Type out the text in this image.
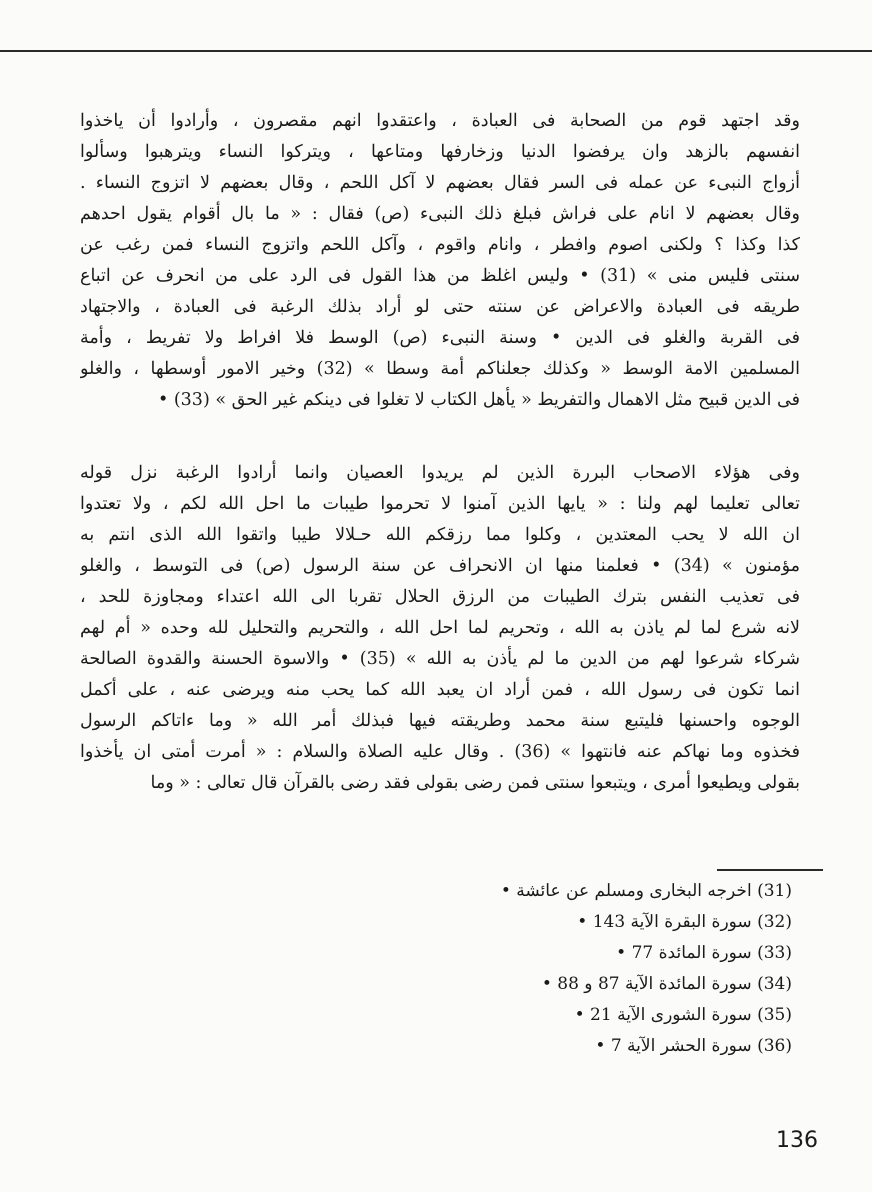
وقد اجتهد قوم من الصحابة فى العبادة ، واعتقدوا انهم مقصرون ، وأرادوا أن ياخذوا
انفسهم بالزهد وان يرفضوا الدنيا وزخارفها ومتاعها ، ويتركوا النساء ويترهبوا وسألوا
أزواج النبىء عن عمله فى السر فقال بعضهم لا آكل اللحم ، وقال بعضهم لا اتزوج النساء .
وقال بعضهم لا انام على فراش فبلغ ذلك النبىء (ص) فقال : « ما بال أقوام يقول احدهم
كذا وكذا ؟ ولكنى اصوم وافطر ، وانام واقوم ، وآكل اللحم واتزوج النساء فمن رغب عن
سنتى فليس منى » (31) • وليس اغلظ من هذا القول فى الرد على من انحرف عن اتباع
طريقه فى العبادة والاعراض عن سنته حتى لو أراد بذلك الرغبة فى العبادة ، والاجتهاد
فى القربة والغلو فى الدين • وسنة النبىء (ص) الوسط فلا افراط ولا تفريط ، وأمة
المسلمين الامة الوسط « وكذلك جعلناكم أمة وسطا » (32) وخير الامور أوسطها ، والغلو
فى الدين قبيح مثل الاهمال والتفريط « يأهل الكتاب لا تغلوا فى دينكم غير الحق » (33) •
وفى هؤلاء الاصحاب البررة الذين لم يريدوا العصيان وانما أرادوا الرغبة نزل قوله
تعالى تعليما لهم ولنا : « يايها الذين آمنوا لا تحرموا طيبات ما احل الله لكم ، ولا تعتدوا
ان الله لا يحب المعتدين ، وكلوا مما رزقكم الله حـلالا طيبا واتقوا الله الذى انتم به
مؤمنون » (34) • فعلمنا منها ان الانحراف عن سنة الرسول (ص) فى التوسط ، والغلو
فى تعذيب النفس بترك الطيبات من الرزق الحلال تقربا الى الله اعتداء ومجاوزة للحد ،
لانه شرع لما لم ياذن به الله ، وتحريم لما احل الله ، والتحريم والتحليل لله وحده « أم لهم
شركاء شرعوا لهم من الدين ما لم يأذن به الله » (35) • والاسوة الحسنة والقدوة الصالحة
انما تكون فى رسول الله ، فمن أراد ان يعبد الله كما يحب منه ويرضى عنه ، على أكمل
الوجوه واحسنها فليتبع سنة محمد وطريقته فيها فبذلك أمر الله « وما ءاتاكم الرسول
فخذوه وما نهاكم عنه فانتهوا » (36) . وقال عليه الصلاة والسلام : « أمرت أمتى ان يأخذوا
بقولى ويطيعوا أمرى ، ويتبعوا سنتى فمن رضى بقولى فقد رضى بالقرآن قال تعالى : « وما
(31) اخرجه البخارى ومسلم عن عائشة •
(32) سورة البقرة الآية 143 •
(33) سورة المائدة 77 •
(34) سورة المائدة الآية 87 و 88 •
(35) سورة الشورى الآية 21 •
(36) سورة الحشر الآية 7 •
136
